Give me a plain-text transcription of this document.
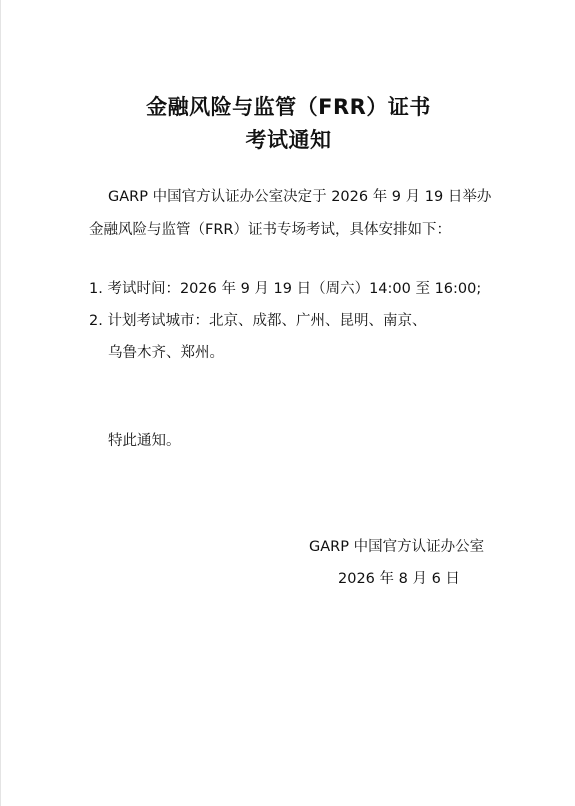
金融风险与监管（FRR）证书
考试通知
GARP 中国官方认证办公室决定于 2026 年 9 月 19 日举办
金融风险与监管（FRR）证书专场考试，具体安排如下：
1. 考试时间：2026 年 9 月 19 日（周六）14:00 至 16:00;
2. 计划考试城市：北京、成都、广州、昆明、南京、
乌鲁木齐、郑州。
特此通知。
GARP 中国官方认证办公室
2026 年 8 月 6 日
